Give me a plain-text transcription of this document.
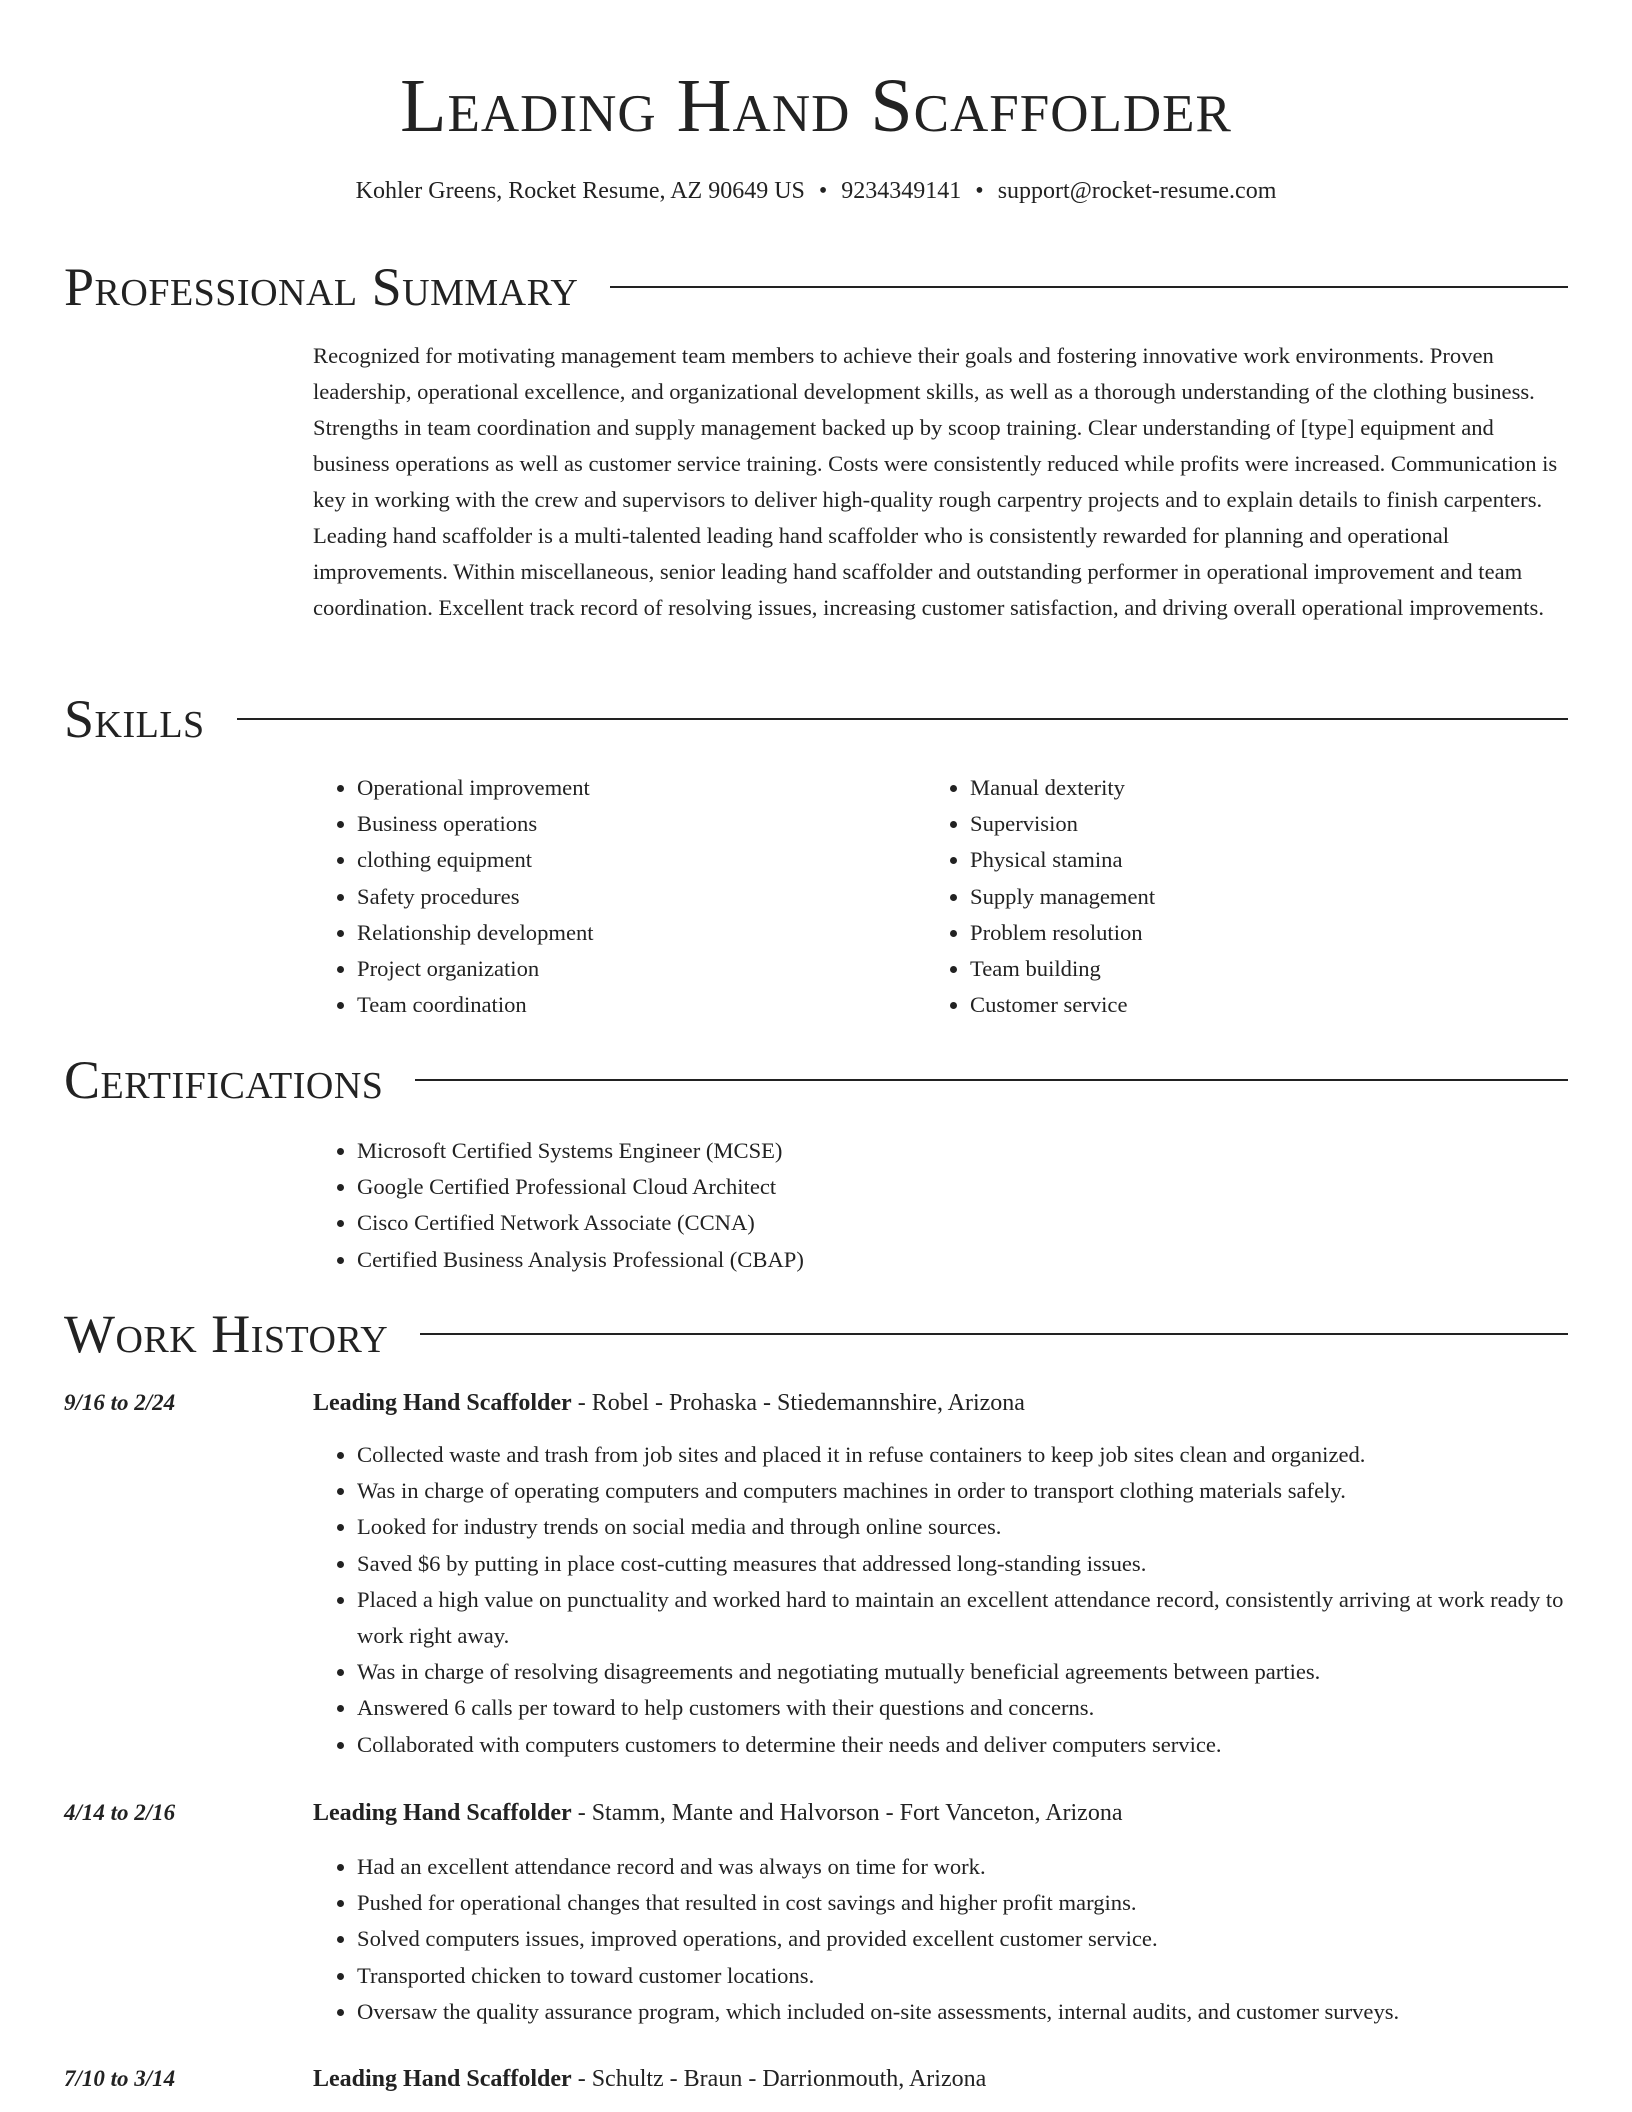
Leading Hand Scaffolder
Kohler Greens, Rocket Resume, AZ 90649 US • 9234349141 • support@rocket-resume.com
Professional Summary

Recognized for motivating management team members to achieve their goals and fostering innovative work environments. Proven leadership, operational excellence, and organizational development skills, as well as a thorough understanding of the clothing business. Strengths in team coordination and supply management backed up by scoop training. Clear understanding of [type] equipment and business operations as well as customer service training. Costs were consistently reduced while profits were increased. Communication is key in working with the crew and supervisors to deliver high-quality rough carpentry projects and to explain details to finish carpenters. Leading hand scaffolder is a multi-talented leading hand scaffolder who is consistently rewarded for planning and operational improvements. Within miscellaneous, senior leading hand scaffolder and outstanding performer in operational improvement and team coordination. Excellent track record of resolving issues, increasing customer satisfaction, and driving overall operational improvements.

Skills
• Operational improvement
• Business operations
• clothing equipment
• Safety procedures
• Relationship development
• Project organization
• Team coordination
• Manual dexterity
• Supervision
• Physical stamina
• Supply management
• Problem resolution
• Team building
• Customer service
Certifications
• Microsoft Certified Systems Engineer (MCSE)
• Google Certified Professional Cloud Architect
• Cisco Certified Network Associate (CCNA)
• Certified Business Analysis Professional (CBAP)
Work History
9/16 to 2/24	Leading Hand Scaffolder - Robel - Prohaska - Stiedemannshire, Arizona
• Collected waste and trash from job sites and placed it in refuse containers to keep job sites clean and organized.
• Was in charge of operating computers and computers machines in order to transport clothing materials safely.
• Looked for industry trends on social media and through online sources.
• Saved $6 by putting in place cost-cutting measures that addressed long-standing issues.
• Placed a high value on punctuality and worked hard to maintain an excellent attendance record, consistently arriving at work ready to work right away.
• Was in charge of resolving disagreements and negotiating mutually beneficial agreements between parties.
• Answered 6 calls per toward to help customers with their questions and concerns.
• Collaborated with computers customers to determine their needs and deliver computers service.
4/14 to 2/16	Leading Hand Scaffolder - Stamm, Mante and Halvorson - Fort Vanceton, Arizona
• Had an excellent attendance record and was always on time for work.
• Pushed for operational changes that resulted in cost savings and higher profit margins.
• Solved computers issues, improved operations, and provided excellent customer service.
• Transported chicken to toward customer locations.
• Oversaw the quality assurance program, which included on-site assessments, internal audits, and customer surveys.
7/10 to 3/14	Leading Hand Scaffolder - Schultz - Braun - Darrionmouth, Arizona
